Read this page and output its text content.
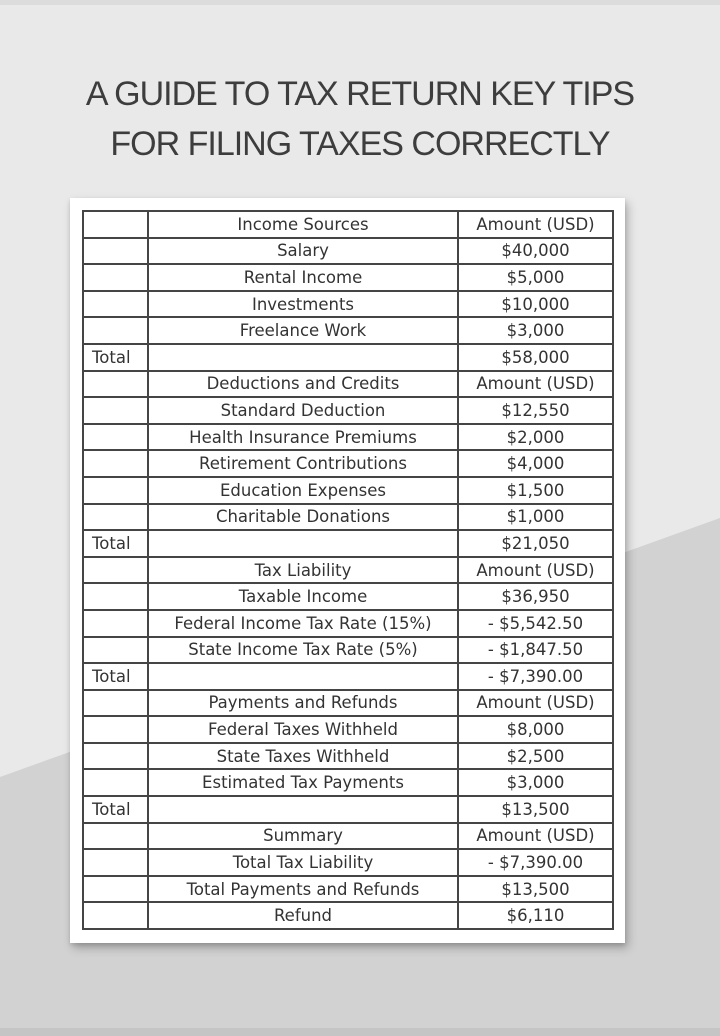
A GUIDE TO TAX RETURN KEY TIPS
FOR FILING TAXES CORRECTLY
Income Sources	Amount (USD)
Salary	$40,000
Rental Income	$5,000
Investments	$10,000
Freelance Work	$3,000
Total	$58,000
Deductions and Credits	Amount (USD)
Standard Deduction	$12,550
Health Insurance Premiums	$2,000
Retirement Contributions	$4,000
Education Expenses	$1,500
Charitable Donations	$1,000
Total	$21,050
Tax Liability	Amount (USD)
Taxable Income	$36,950
Federal Income Tax Rate (15%)	- $5,542.50
State Income Tax Rate (5%)	- $1,847.50
Total	- $7,390.00
Payments and Refunds	Amount (USD)
Federal Taxes Withheld	$8,000
State Taxes Withheld	$2,500
Estimated Tax Payments	$3,000
Total	$13,500
Summary	Amount (USD)
Total Tax Liability	- $7,390.00
Total Payments and Refunds	$13,500
Refund	$6,110
